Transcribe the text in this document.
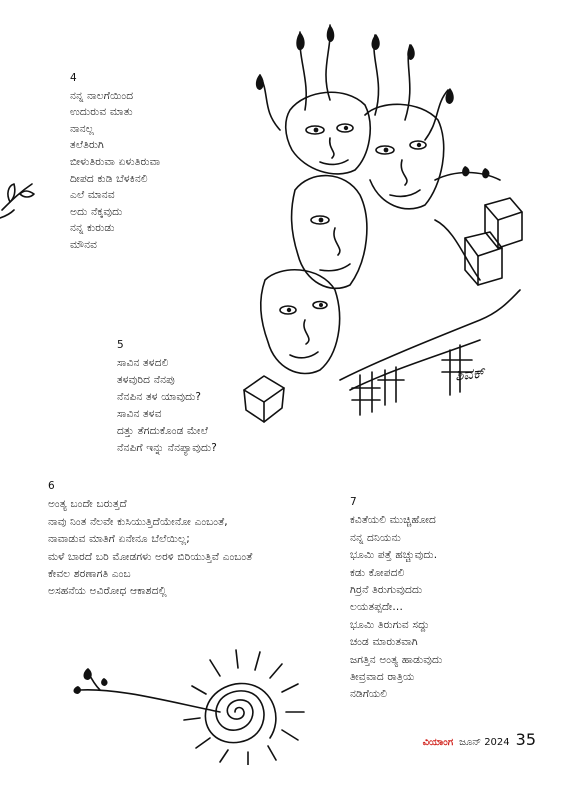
4
ನನ್ನ ನಾಲಗೆಯಿಂದ
ಉದುರುವ ಮಾತು
ನಾನಲ್ಲ
ತಲೆತಿರುಗಿ
ಬೀಳುತಿರುವಾ ಏಳುತಿರುವಾ
ದೀಪದ ಕುಡಿ ಬೆಳಕಿನಲಿ
ಎಲೆ ಮಾನವ
ಅದು ನೆಕ್ಕವುದು
ನನ್ನ ಕುರುಡು
ಮೌನವ
5
ಸಾವಿನ ತಳದಲಿ
ತಳವುರಿದ ನೆನಪು
ನೆನಪಿನ ತಳ ಯಾವುದು?
ಸಾವಿನ ತಳವ
ದತ್ತು ತೆಗದುಕೊಂಡ ಮೇಲೆ
ನೆನಪಿಗೆ ಇನ್ನು ನೆನಪ್ಯಾವುದು?
6
ಅಂತ್ಯ ಬಂದೇ ಬರುತ್ತದೆ
ನಾವು ನಿಂತ ನೆಲವೇ ಕುಸಿಯುತ್ತಿದೆಯೇನೋ ಎಂಬಂತೆ,
ನಾವಾಡುವ ಮಾತಿಗೆ ಏನೇನೂ ಬೆಲೆಯಿಲ್ಲ;
ಮಳೆ ಬಾರದೆ ಬರಿ ಮೋಡಗಳು ಅರಳಿ ಬಿರಿಯುತ್ತಿವೆ ಎಂಬಂತೆ
ಕೇವಲ ಶರಣಾಗತಿ ಎಂಬ
ಅಸಹನೆಯ ಅವಿರೋಧ ಆಕಾಶದಲ್ಲಿ
7
ಕವಿತೆಯಲಿ ಮುಚ್ಚಿಹೋದ
ನನ್ನ ದನಿಯನು
ಭೂಮಿ ಪತ್ತೆ ಹಚ್ಚುವುದು.
ಕಡು ಕೋಪದಲಿ
ಗಿರ್ರನೆ ತಿರುಗುವುದದು
ಲಯತಪ್ಪದೇ...
ಭೂಮಿ ತಿರುಗುವ ಸದ್ದು
ಚಂಡ ಮಾರುತವಾಗಿ
ಜಗತ್ತಿನ ಅಂತ್ಯ ಹಾಡುವುದು
ತೀವ್ರವಾದ ರಾತ್ರಿಯ
ನಡಿಗೆಯಲಿ
ಶಿವಕ್
ವಿಯಾಂಗ ಜೂನ್ 2024 35
